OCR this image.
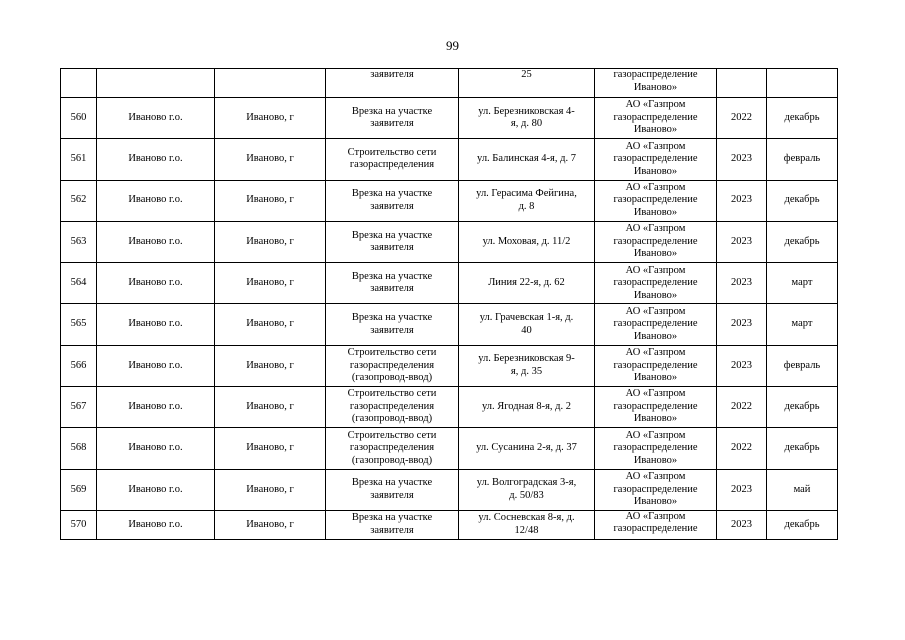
99
			заявителя	25	газораспределение
Иваново»		
560	Иваново г.о.	Иваново, г	Врезка на участке
заявителя	ул. Березниковская 4-
я, д. 80	АО «Газпром
газораспределение
Иваново»	2022	декабрь
561	Иваново г.о.	Иваново, г	Строительство сети
газораспределения	ул. Балинская 4-я, д. 7	АО «Газпром
газораспределение
Иваново»	2023	февраль
562	Иваново г.о.	Иваново, г	Врезка на участке
заявителя	ул. Герасима Фейгина,
д. 8	АО «Газпром
газораспределение
Иваново»	2023	декабрь
563	Иваново г.о.	Иваново, г	Врезка на участке
заявителя	ул. Моховая, д. 11/2	АО «Газпром
газораспределение
Иваново»	2023	декабрь
564	Иваново г.о.	Иваново, г	Врезка на участке
заявителя	Линия 22-я, д. 62	АО «Газпром
газораспределение
Иваново»	2023	март
565	Иваново г.о.	Иваново, г	Врезка на участке
заявителя	ул. Грачевская 1-я, д.
40	АО «Газпром
газораспределение
Иваново»	2023	март
566	Иваново г.о.	Иваново, г	Строительство сети
газораспределения
(газопровод-ввод)	ул. Березниковская 9-
я, д. 35	АО «Газпром
газораспределение
Иваново»	2023	февраль
567	Иваново г.о.	Иваново, г	Строительство сети
газораспределения
(газопровод-ввод)	ул. Ягодная 8-я, д. 2	АО «Газпром
газораспределение
Иваново»	2022	декабрь
568	Иваново г.о.	Иваново, г	Строительство сети
газораспределения
(газопровод-ввод)	ул. Сусанина 2-я, д. 37	АО «Газпром
газораспределение
Иваново»	2022	декабрь
569	Иваново г.о.	Иваново, г	Врезка на участке
заявителя	ул. Волгоградская 3-я,
д. 50/83	АО «Газпром
газораспределение
Иваново»	2023	май
570	Иваново г.о.	Иваново, г	Врезка на участке
заявителя	ул. Сосневская 8-я, д.
12/48	АО «Газпром
газораспределение	2023	декабрь
